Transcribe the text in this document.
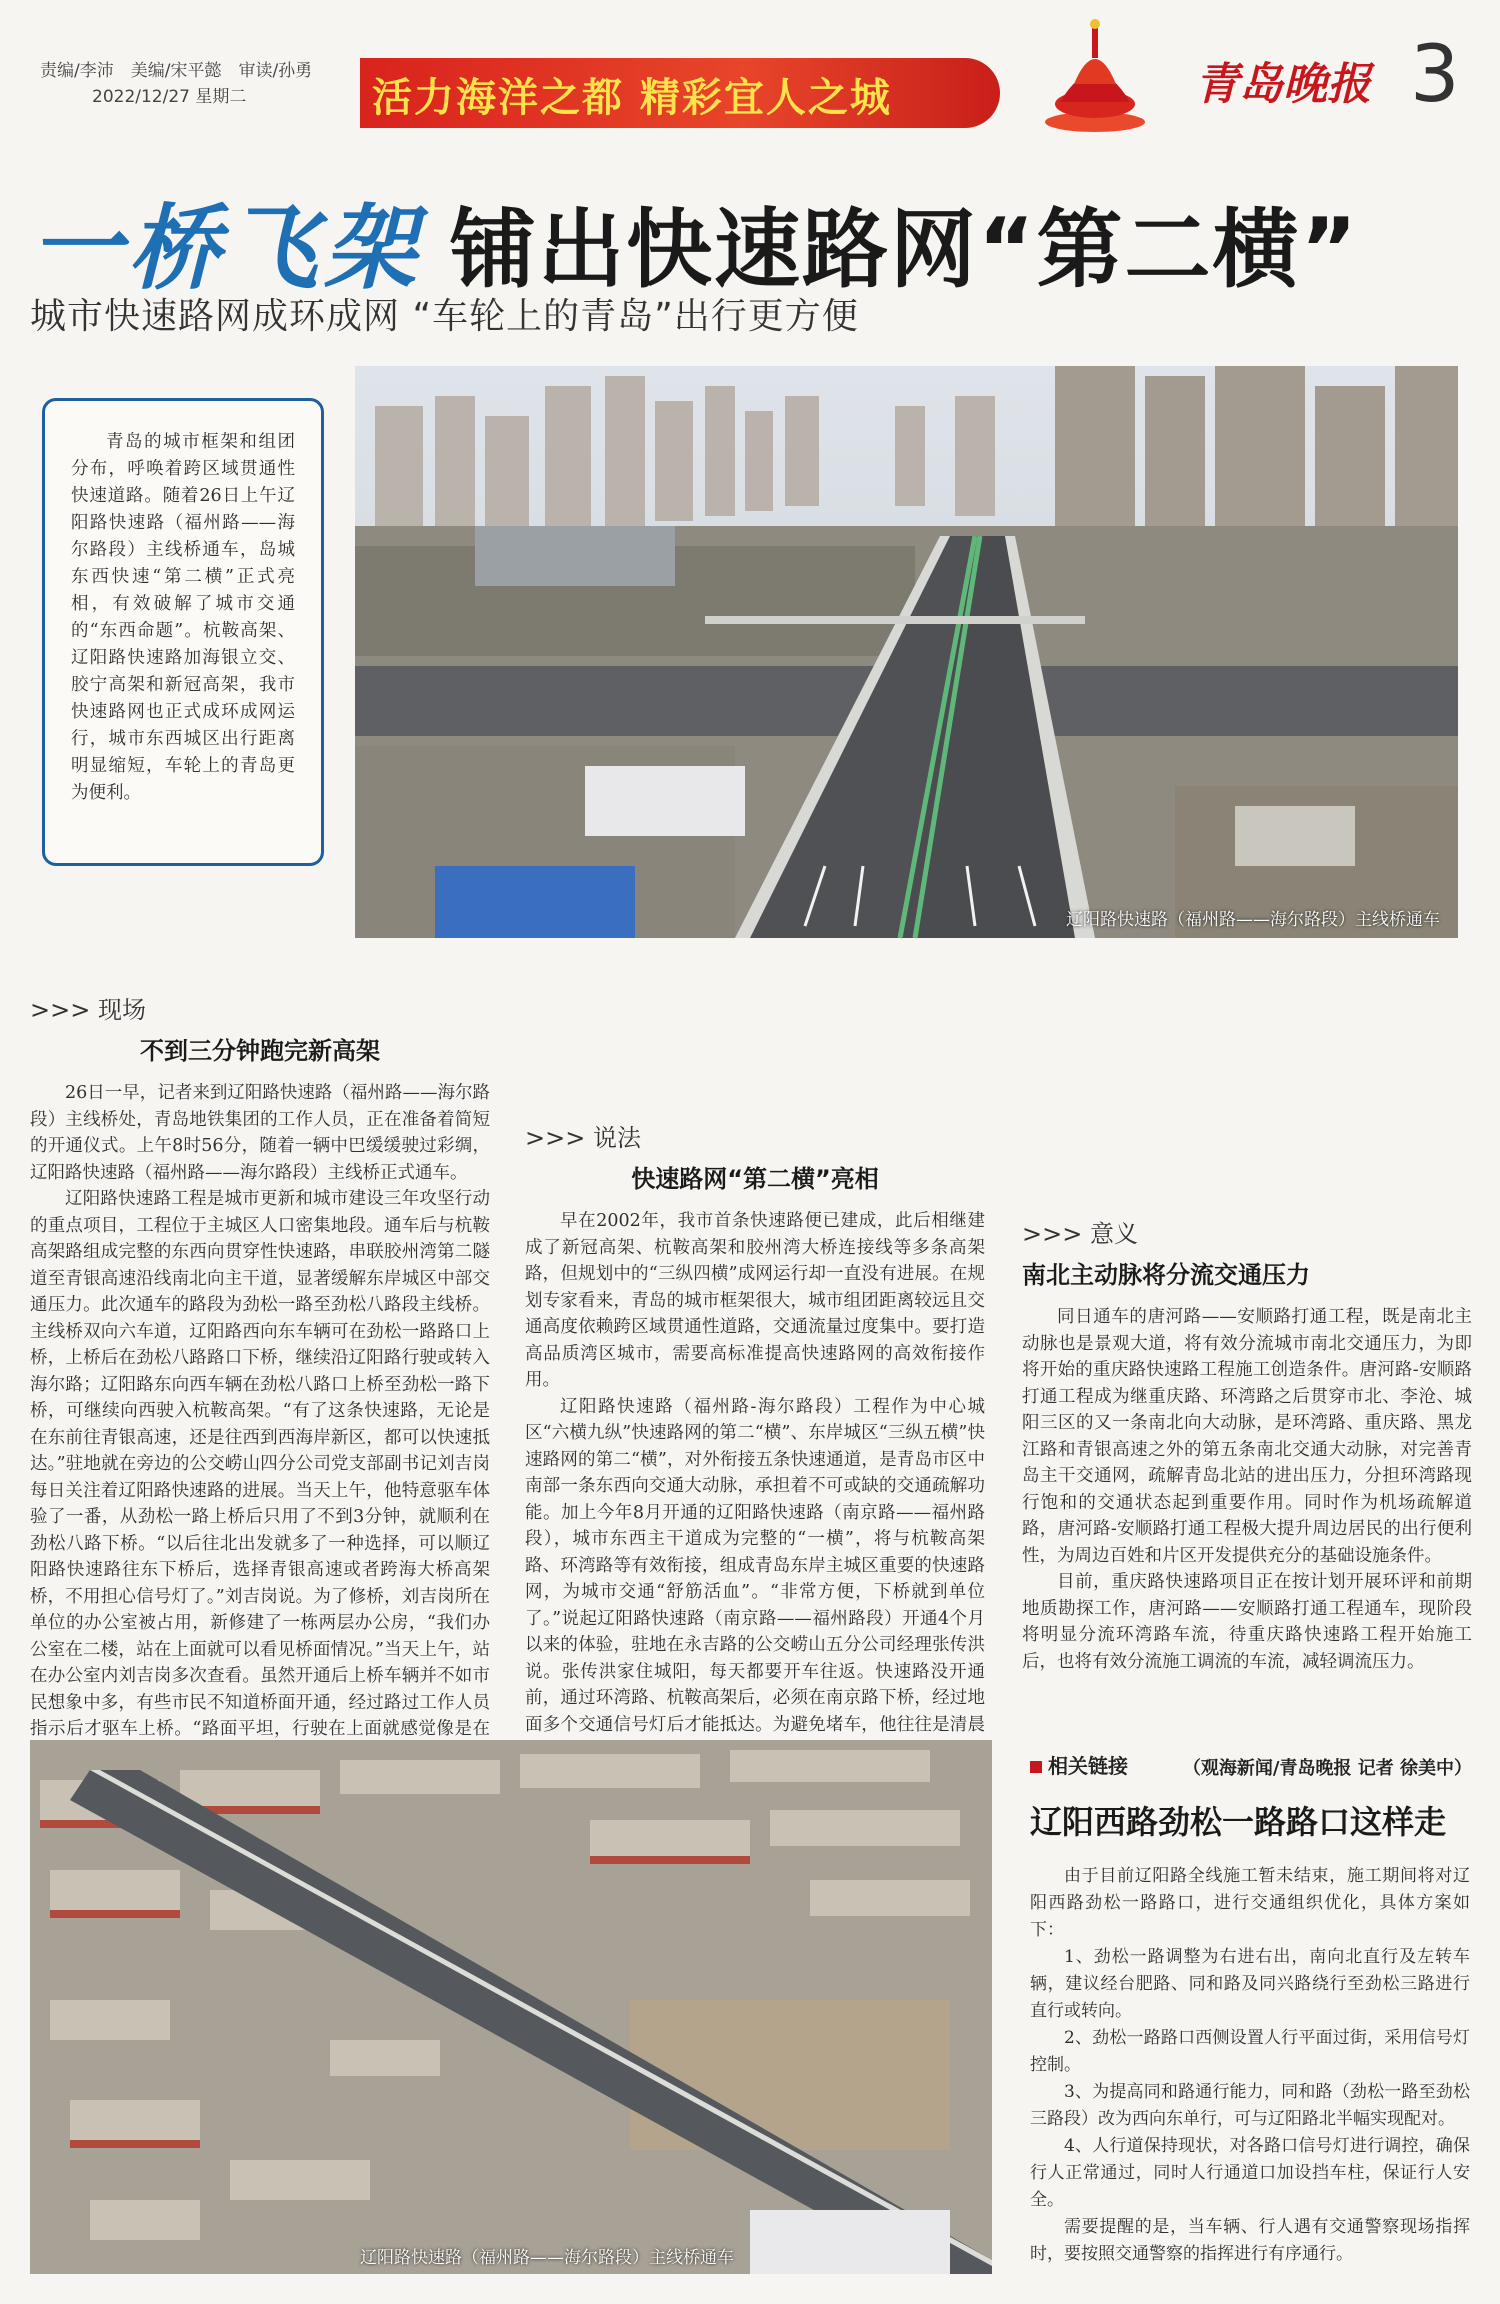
责编/李沛　美编/宋平懿　审读/孙勇
2022/12/27 星期二	活力海洋之都 精彩宜人之城	青岛晚报 3
一桥飞架 铺出快速路网“第二横”
城市快速路网成环成网 “车轮上的青岛”出行更方便
青岛的城市框架和组团分布，呼唤着跨区域贯通性快速道路。随着26日上午辽阳路快速路（福州路——海尔路段）主线桥通车，岛城东西快速“第二横”正式亮相，有效破解了城市交通的“东西命题”。杭鞍高架、辽阳路快速路加海银立交、胶宁高架和新冠高架，我市快速路网也正式成环成网运行，城市东西城区出行距离明显缩短，车轮上的青岛更为便利。
辽阳路快速路（福州路——海尔路段）主线桥通车
>>> 现场
不到三分钟跑完新高架

26日一早，记者来到辽阳路快速路（福州路——海尔路段）主线桥处，青岛地铁集团的工作人员，正在准备着简短的开通仪式。上午8时56分，随着一辆中巴缓缓驶过彩绸，辽阳路快速路（福州路——海尔路段）主线桥正式通车。

辽阳路快速路工程是城市更新和城市建设三年攻坚行动的重点项目，工程位于主城区人口密集地段。通车后与杭鞍高架路组成完整的东西向贯穿性快速路，串联胶州湾第二隧道至青银高速沿线南北向主干道，显著缓解东岸城区中部交通压力。此次通车的路段为劲松一路至劲松八路段主线桥。主线桥双向六车道，辽阳路西向东车辆可在劲松一路路口上桥，上桥后在劲松八路路口下桥，继续沿辽阳路行驶或转入海尔路；辽阳路东向西车辆在劲松八路口上桥至劲松一路下桥，可继续向西驶入杭鞍高架。“有了这条快速路，无论是在东前往青银高速，还是往西到西海岸新区，都可以快速抵达。”驻地就在旁边的公交崂山四分公司党支部副书记刘吉岗每日关注着辽阳路快速路的进展。当天上午，他特意驱车体验了一番，从劲松一路上桥后只用了不到3分钟，就顺利在劲松八路下桥。“以后往北出发就多了一种选择，可以顺辽阳路快速路往东下桥后，选择青银高速或者跨海大桥高架桥，不用担心信号灯了。”刘吉岗说。为了修桥，刘吉岗所在单位的办公室被占用，新修建了一栋两层办公房，“我们办公室在二楼，站在上面就可以看见桥面情况。”当天上午，站在办公室内刘吉岗多次查看。虽然开通后上桥车辆并不如市民想象中多，有些市民不知道桥面开通，经过路过工作人员指示后才驱车上桥。“路面平坦，行驶在上面就感觉像是在

>>> 说法
快速路网“第二横”亮相

早在2002年，我市首条快速路便已建成，此后相继建成了新冠高架、杭鞍高架和胶州湾大桥连接线等多条高架路，但规划中的“三纵四横”成网运行却一直没有进展。在规划专家看来，青岛的城市框架很大，城市组团距离较远且交通高度依赖跨区域贯通性道路，交通流量过度集中。要打造高品质湾区城市，需要高标准提高快速路网的高效衔接作用。

辽阳路快速路（福州路-海尔路段）工程作为中心城区“六横九纵”快速路网的第二“横”、东岸城区“三纵五横”快速路网的第二“横”，对外衔接五条快速通道，是青岛市区中南部一条东西向交通大动脉，承担着不可或缺的交通疏解功能。加上今年8月开通的辽阳路快速路（南京路——福州路段），城市东西主干道成为完整的“一横”，将与杭鞍高架路、环湾路等有效衔接，组成青岛东岸主城区重要的快速路网，为城市交通“舒筋活血”。“非常方便，下桥就到单位了。”说起辽阳路快速路（南京路——福州路段）开通4个月以来的体验，驻地在永吉路的公交崂山五分公司经理张传洪说。张传洪家住城阳，每天都要开车往返。快速路没开通前，通过环湾路、杭鞍高架后，必须在南京路下桥，经过地面多个交通信号灯后才能抵达。为避免堵车，他往往是清晨

>>> 意义
南北主动脉将分流交通压力

同日通车的唐河路——安顺路打通工程，既是南北主动脉也是景观大道，将有效分流城市南北交通压力，为即将开始的重庆路快速路工程施工创造条件。唐河路-安顺路打通工程成为继重庆路、环湾路之后贯穿市北、李沧、城阳三区的又一条南北向大动脉，是环湾路、重庆路、黑龙江路和青银高速之外的第五条南北交通大动脉，对完善青岛主干交通网，疏解青岛北站的进出压力，分担环湾路现行饱和的交通状态起到重要作用。同时作为机场疏解道路，唐河路-安顺路打通工程极大提升周边居民的出行便利性，为周边百姓和片区开发提供充分的基础设施条件。

目前，重庆路快速路项目正在按计划开展环评和前期地质勘探工作，唐河路——安顺路打通工程通车，现阶段将明显分流环湾路车流，待重庆路快速路工程开始施工后，也将有效分流施工调流的车流，减轻调流压力。

（观海新闻/青岛晚报 记者 徐美中）
辽阳路快速路（福州路——海尔路段）主线桥通车
相关链接
辽阳西路劲松一路路口这样走

由于目前辽阳路全线施工暂未结束，施工期间将对辽阳西路劲松一路路口，进行交通组织优化，具体方案如下：

1、劲松一路调整为右进右出，南向北直行及左转车辆，建议经台肥路、同和路及同兴路绕行至劲松三路进行直行或转向。

2、劲松一路路口西侧设置人行平面过街，采用信号灯控制。

3、为提高同和路通行能力，同和路（劲松一路至劲松三路段）改为西向东单行，可与辽阳路北半幅实现配对。

4、人行道保持现状，对各路口信号灯进行调控，确保行人正常通过，同时人行通道口加设挡车柱，保证行人安全。

需要提醒的是，当车辆、行人遇有交通警察现场指挥时，要按照交通警察的指挥进行有序通行。
